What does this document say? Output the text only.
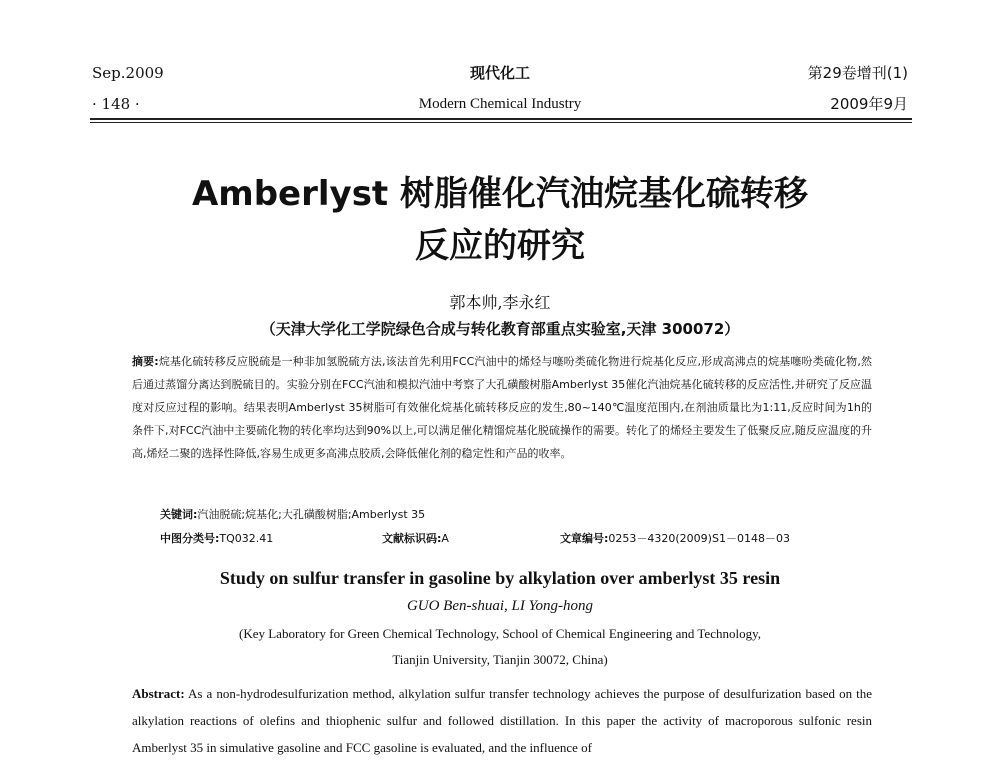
Sep.2009
· 148 ·
现代化工
Modern Chemical Industry
第29卷增刊(1)
2009年9月
Amberlyst 树脂催化汽油烷基化硫转移
反应的研究
郭本帅,李永红
（天津大学化工学院绿色合成与转化教育部重点实验室,天津 300072）
摘要:烷基化硫转移反应脱硫是一种非加氢脱硫方法,该法首先利用FCC汽油中的烯烃与噻吩类硫化物进行烷基化反应,形成高沸点的烷基噻吩类硫化物,然后通过蒸馏分离达到脱硫目的。实验分别在FCC汽油和模拟汽油中考察了大孔磺酸树脂Amberlyst 35催化汽油烷基化硫转移的反应活性,并研究了反应温度对反应过程的影响。结果表明Amberlyst 35树脂可有效催化烷基化硫转移反应的发生,80~140℃温度范围内,在剂油质量比为1:11,反应时间为1h的条件下,对FCC汽油中主要硫化物的转化率均达到90%以上,可以满足催化精馏烷基化脱硫操作的需要。转化了的烯烃主要发生了低聚反应,随反应温度的升高,烯烃二聚的选择性降低,容易生成更多高沸点胶质,会降低催化剂的稳定性和产品的收率。
关键词:汽油脱硫;烷基化;大孔磺酸树脂;Amberlyst 35
中图分类号:TQ032.41	文献标识码:A	文章编号:0253－4320(2009)S1－0148－03
Study on sulfur transfer in gasoline by alkylation over amberlyst 35 resin
GUO Ben-shuai, LI Yong-hong
(Key Laboratory for Green Chemical Technology, School of Chemical Engineering and Technology,
Tianjin University, Tianjin 30072, China)
Abstract: As a non-hydrodesulfurization method, alkylation sulfur transfer technology achieves the purpose of desulfurization based on the alkylation reactions of olefins and thiophenic sulfur and followed distillation. In this paper the activity of macroporous sulfonic resin Amberlyst 35 in simulative gasoline and FCC gasoline is evaluated, and the influence of
